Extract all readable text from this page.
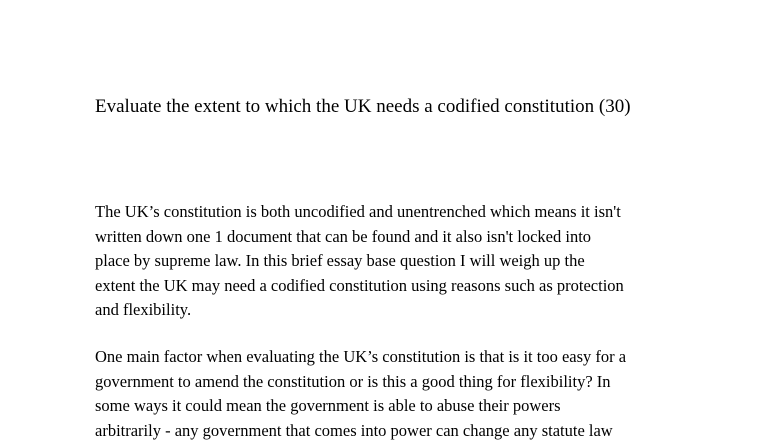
Evaluate the extent to which the UK needs a codified constitution (30)

The UK’s constitution is both uncodified and unentrenched which means it isn't
written down one 1 document that can be found and it also isn't locked into
place by supreme law. In this brief essay base question I will weigh up the
extent the UK may need a codified constitution using reasons such as protection
and flexibility.

One main factor when evaluating the UK’s constitution is that is it too easy for a
government to amend the constitution or is this a good thing for flexibility? In
some ways it could mean the government is able to abuse their powers
arbitrarily - any government that comes into power can change any statute law
